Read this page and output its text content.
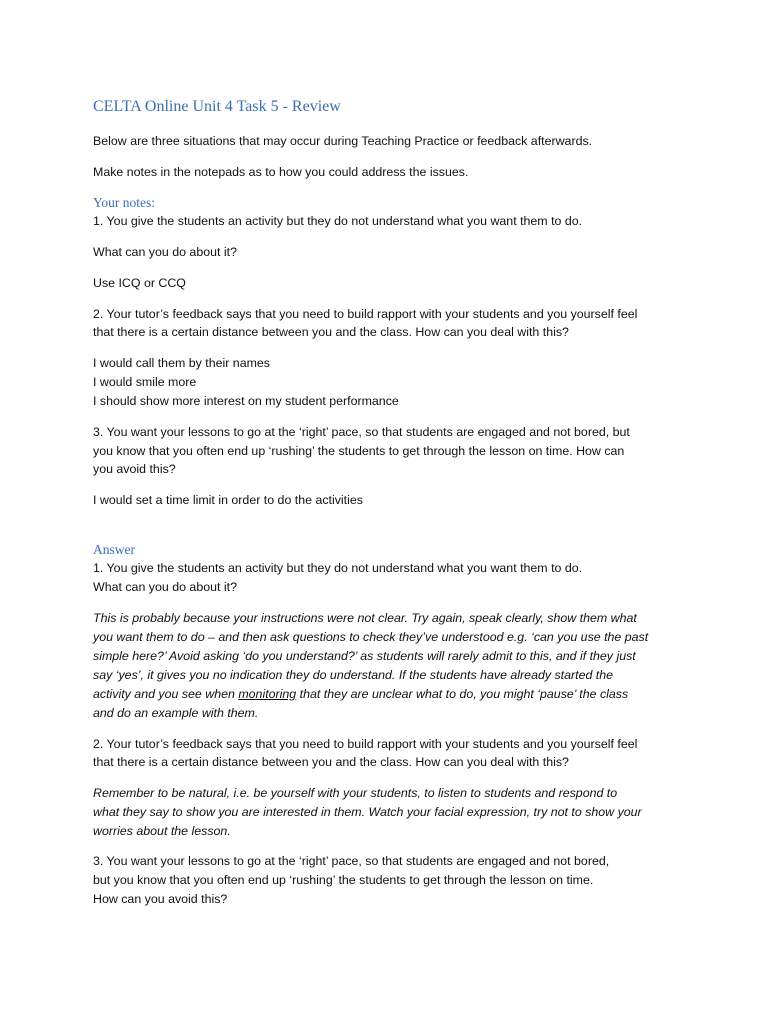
CELTA Online Unit 4 Task 5 - Review
Below are three situations that may occur during Teaching Practice or feedback afterwards.
Make notes in the notepads as to how you could address the issues.
Your notes:
1. You give the students an activity but they do not understand what you want them to do.
What can you do about it?
Use ICQ or CCQ
2. Your tutor’s feedback says that you need to build rapport with your students and you yourself feel
that there is a certain distance between you and the class. How can you deal with this?
I would call them by their names
I would smile more
I should show more interest on my student performance
3. You want your lessons to go at the ‘right’ pace, so that students are engaged and not bored, but
you know that you often end up ‘rushing’ the students to get through the lesson on time. How can
you avoid this?
I would set a time limit in order to do the activities
Answer
1. You give the students an activity but they do not understand what you want them to do.
What can you do about it?
This is probably because your instructions were not clear. Try again, speak clearly, show them what
you want them to do – and then ask questions to check they’ve understood e.g. ‘can you use the past
simple here?’ Avoid asking ‘do you understand?’ as students will rarely admit to this, and if they just
say ‘yes’, it gives you no indication they do understand. If the students have already started the
activity and you see when monitoring that they are unclear what to do, you might ‘pause’ the class
and do an example with them.
2. Your tutor’s feedback says that you need to build rapport with your students and you yourself feel
that there is a certain distance between you and the class. How can you deal with this?
Remember to be natural, i.e. be yourself with your students, to listen to students and respond to
what they say to show you are interested in them. Watch your facial expression, try not to show your
worries about the lesson.
3. You want your lessons to go at the ‘right’ pace, so that students are engaged and not bored,
but you know that you often end up ‘rushing’ the students to get through the lesson on time.
How can you avoid this?
